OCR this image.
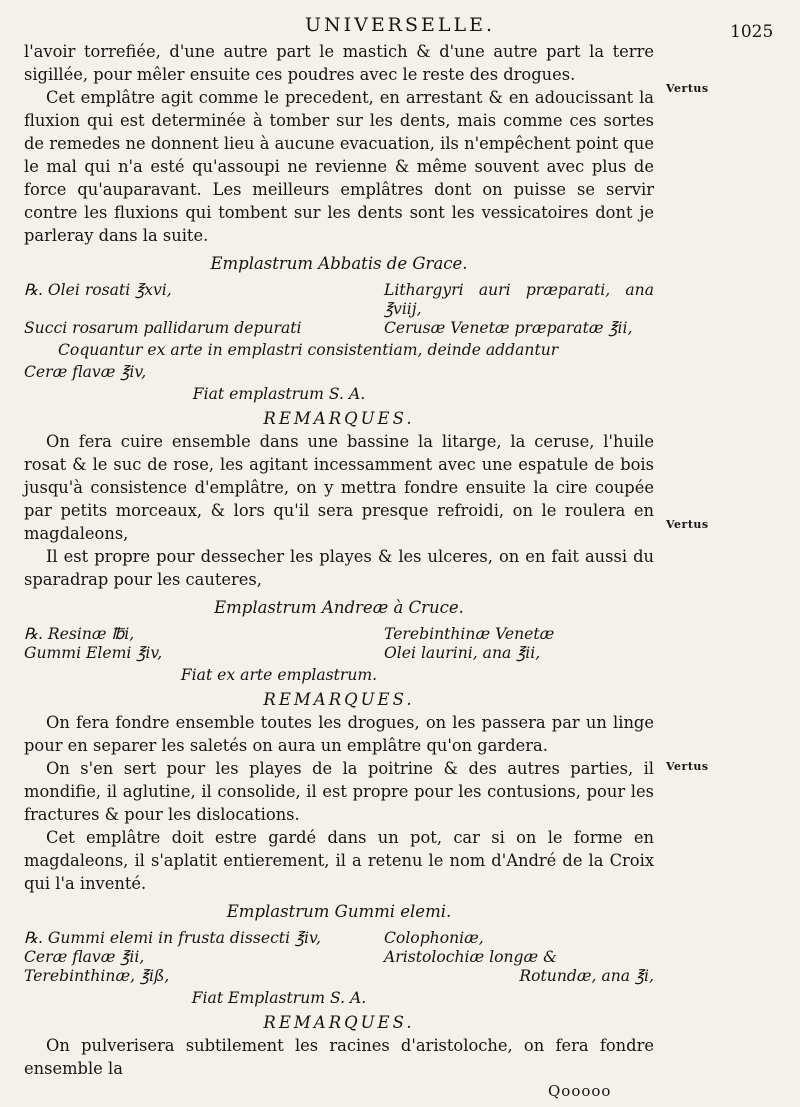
UNIVERSELLE.	1025
Vertus
Vertus
Vertus

l'avoir torrefiée, d'une autre part le mastich & d'une autre part la terre sigillée, pour mêler ensuite ces poudres avec le reste des drogues.

Cet emplâtre agit comme le precedent, en arrestant & en adoucissant la fluxion qui est determinée à tomber sur les dents, mais comme ces sortes de remedes ne donnent lieu à aucune evacuation, ils n'empêchent point que le mal qui n'a esté qu'assoupi ne revienne & même souvent avec plus de force qu'auparavant. Les meilleurs emplâtres dont on puisse se servir contre les fluxions qui tombent sur les dents sont les vessicatoires dont je parleray dans la suite.

Emplastrum Abbatis de Grace.
℞. Olei rosati ℥xvi,	Lithargyri auri præparati, ana ℥viij,
Succi rosarum pallidarum depurati	Cerusæ Venetæ præparatæ ℥ii,
Coquantur ex arte in emplastri consistentiam, deinde addantur
Ceræ flavæ ℥iv,
Fiat emplastrum S. A.
REMARQUES.

On fera cuire ensemble dans une bassine la litarge, la ceruse, l'huile rosat & le suc de rose, les agitant incessamment avec une espatule de bois jusqu'à consistence d'emplâtre, on y mettra fondre ensuite la cire coupée par petits morceaux, & lors qu'il sera presque refroidi, on le roulera en magdaleons,

Il est propre pour dessecher les playes & les ulceres, on en fait aussi du sparadrap pour les cauteres,

Emplastrum Andreæ à Cruce.
℞. Resinæ ℔i,	Terebinthinæ Venetæ
Gummi Elemi ℥iv,	Olei laurini, ana ℥ii,
Fiat ex arte emplastrum.
REMARQUES.

On fera fondre ensemble toutes les drogues, on les passera par un linge pour en separer les saletés on aura un emplâtre qu'on gardera.

On s'en sert pour les playes de la poitrine & des autres parties, il mondifie, il aglutine, il consolide, il est propre pour les contusions, pour les fractures & pour les dislocations.

Cet emplâtre doit estre gardé dans un pot, car si on le forme en magdaleons, il s'aplatit entierement, il a retenu le nom d'André de la Croix qui l'a inventé.

Emplastrum Gummi elemi.
℞. Gummi elemi in frusta dissecti ℥iv,	Colophoniæ,
Ceræ flavæ ℥ii,	Aristolochiæ longæ &
Terebinthinæ, ℥iß,	Rotundæ, ana ℥i,
Fiat Emplastrum S. A.
REMARQUES.

On pulverisera subtilement les racines d'aristoloche, on fera fondre ensemble la

Qooooo
